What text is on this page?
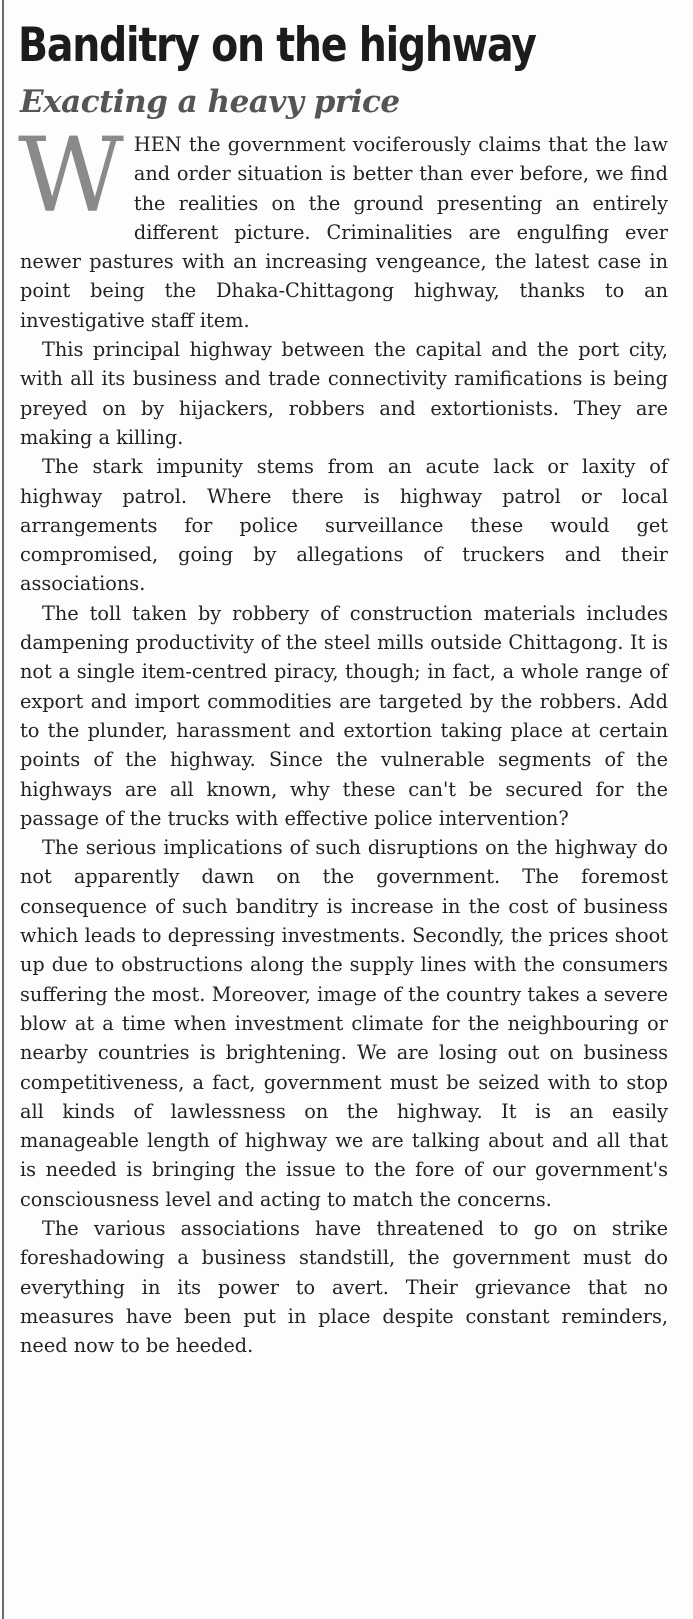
Banditry on the highway
Exacting a heavy price

WHEN the government vociferously claims that the law and order situation is better than ever before, we find the realities on the ground presenting an entirely different picture. Criminalities are engulfing ever newer pastures with an increasing vengeance, the latest case in point being the Dhaka-Chittagong highway, thanks to an investigative staff item.

This principal highway between the capital and the port city, with all its business and trade connectivity ramifications is being preyed on by hijackers, robbers and extortionists. They are making a killing.

The stark impunity stems from an acute lack or laxity of highway patrol. Where there is highway patrol or local arrangements for police surveillance these would get compromised, going by allegations of truckers and their associations.

The toll taken by robbery of construction materials includes dampening productivity of the steel mills outside Chittagong. It is not a single item-centred piracy, though; in fact, a whole range of export and import commodities are targeted by the robbers. Add to the plunder, harassment and extortion taking place at certain points of the highway. Since the vulnerable segments of the highways are all known, why these can't be secured for the passage of the trucks with effective police intervention?

The serious implications of such disruptions on the highway do not apparently dawn on the government. The foremost consequence of such banditry is increase in the cost of business which leads to depressing investments. Secondly, the prices shoot up due to obstructions along the supply lines with the consumers suffering the most. Moreover, image of the country takes a severe blow at a time when investment climate for the neighbouring or nearby countries is brightening. We are losing out on business competitiveness, a fact, government must be seized with to stop all kinds of lawlessness on the highway. It is an easily manageable length of highway we are talking about and all that is needed is bringing the issue to the fore of our government's consciousness level and acting to match the concerns.

The various associations have threatened to go on strike foreshadowing a business standstill, the government must do everything in its power to avert. Their grievance that no measures have been put in place despite constant reminders, need now to be heeded.
